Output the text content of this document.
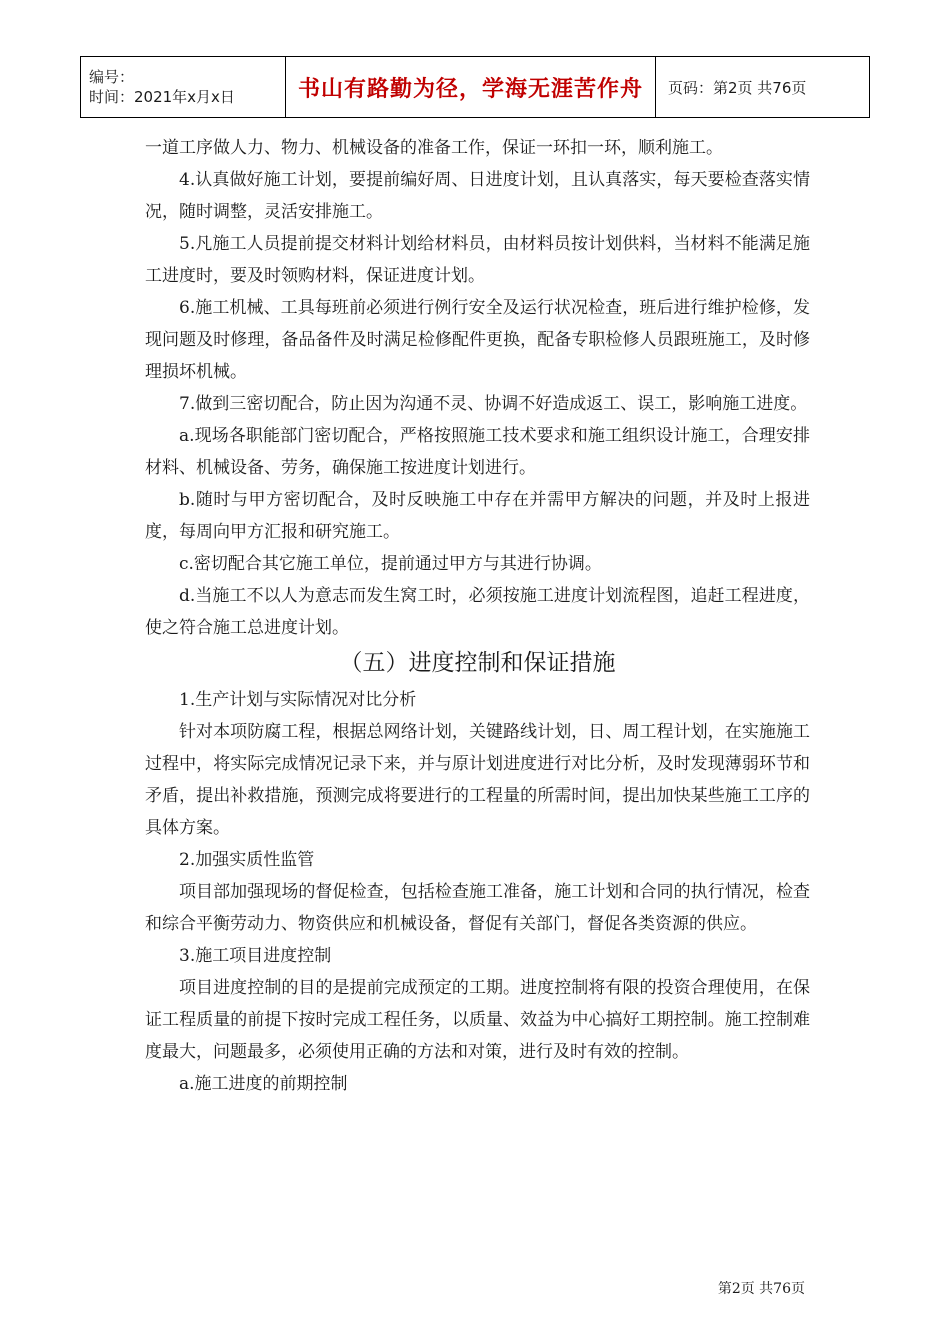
编号：
时间：2021年x月x日	书山有路勤为径，学海无涯苦作舟 页码：第2页 共76页

一道工序做人力、物力、机械设备的准备工作，保证一环扣一环，顺利施工。

4.认真做好施工计划，要提前编好周、日进度计划，且认真落实，每天要检查落实情况，随时调整，灵活安排施工。

5.凡施工人员提前提交材料计划给材料员，由材料员按计划供料，当材料不能满足施工进度时，要及时领购材料，保证进度计划。

6.施工机械、工具每班前必须进行例行安全及运行状况检查，班后进行维护检修，发现问题及时修理，备品备件及时满足检修配件更换，配备专职检修人员跟班施工，及时修理损坏机械。

7.做到三密切配合，防止因为沟通不灵、协调不好造成返工、误工，影响施工进度。

a.现场各职能部门密切配合，严格按照施工技术要求和施工组织设计施工，合理安排材料、机械设备、劳务，确保施工按进度计划进行。

b.随时与甲方密切配合，及时反映施工中存在并需甲方解决的问题，并及时上报进度，每周向甲方汇报和研究施工。

c.密切配合其它施工单位，提前通过甲方与其进行协调。

d.当施工不以人为意志而发生窝工时，必须按施工进度计划流程图，追赶工程进度，使之符合施工总进度计划。

（五）进度控制和保证措施

1.生产计划与实际情况对比分析

针对本项防腐工程，根据总网络计划，关键路线计划，日、周工程计划，在实施施工过程中，将实际完成情况记录下来，并与原计划进度进行对比分析，及时发现薄弱环节和矛盾，提出补救措施，预测完成将要进行的工程量的所需时间，提出加快某些施工工序的具体方案。

2.加强实质性监管

项目部加强现场的督促检查，包括检查施工准备，施工计划和合同的执行情况，检查和综合平衡劳动力、物资供应和机械设备，督促有关部门，督促各类资源的供应。

3.施工项目进度控制

项目进度控制的目的是提前完成预定的工期。进度控制将有限的投资合理使用，在保证工程质量的前提下按时完成工程任务，以质量、效益为中心搞好工期控制。施工控制难度最大，问题最多，必须使用正确的方法和对策，进行及时有效的控制。

a.施工进度的前期控制

第2页 共76页
